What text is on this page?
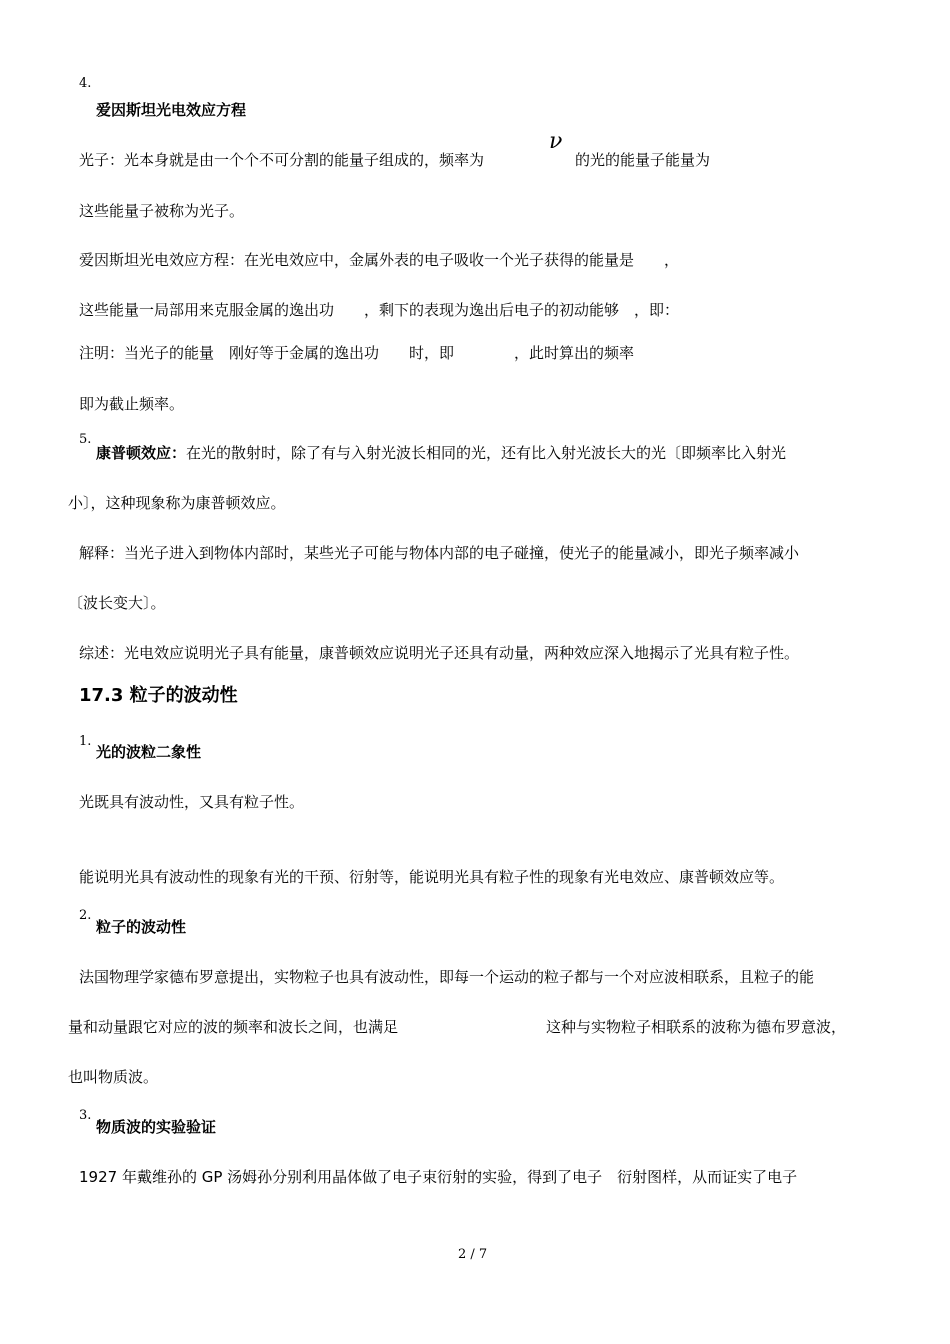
4.
爱因斯坦光电效应方程
光子：光本身就是由一个个不可分割的能量子组成的，频率为
ν
的光的能量子能量为
这些能量子被称为光子。
爱因斯坦光电效应方程：在光电效应中，金属外表的电子吸收一个光子获得的能量是　　，
这些能量一局部用来克服金属的逸出功　　，剩下的表现为逸出后电子的初动能够　，即：
注明：当光子的能量　刚好等于金属的逸出功　　时，即　　　　，此时算出的频率
即为截止频率。
5.
康普顿效应：在光的散射时，除了有与入射光波长相同的光，还有比入射光波长大的光〔即频率比入射光
小〕，这种现象称为康普顿效应。
解释：当光子进入到物体内部时，某些光子可能与物体内部的电子碰撞，使光子的能量减小，即光子频率减小
〔波长变大〕。
综述：光电效应说明光子具有能量，康普顿效应说明光子还具有动量，两种效应深入地揭示了光具有粒子性。
17.3 粒子的波动性
1.
光的波粒二象性
光既具有波动性，又具有粒子性。
能说明光具有波动性的现象有光的干预、衍射等，能说明光具有粒子性的现象有光电效应、康普顿效应等。
2.
粒子的波动性
法国物理学家德布罗意提出，实物粒子也具有波动性，即每一个运动的粒子都与一个对应波相联系，且粒子的能
量和动量跟它对应的波的频率和波长之间，也满足	这种与实物粒子相联系的波称为德布罗意波，
也叫物质波。
3.
物质波的实验验证
1927 年戴维孙的 GP 汤姆孙分别利用晶体做了电子束衍射的实验，得到了电子　衍射图样，从而证实了电子
2 / 7
